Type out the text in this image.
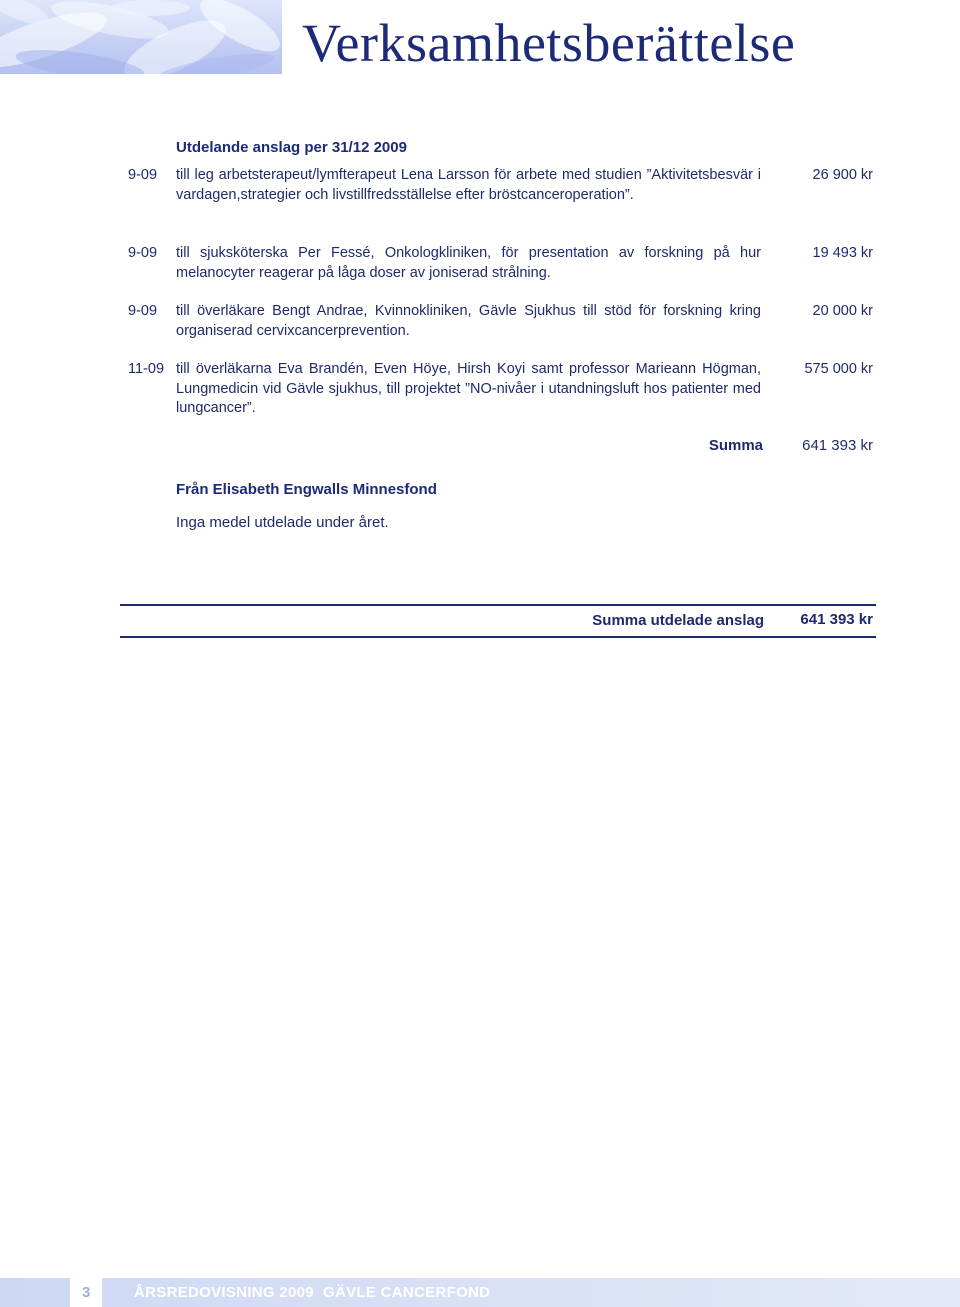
Verksamhetsberättelse
Utdelande anslag per 31/12 2009
9-09 till leg arbetsterapeut/lymfterapeut Lena Larsson för arbete med studien ”Aktivitetsbesvär i vardagen,strategier och livstillfredsställelse efter bröstcanceroperation”.

26 900 kr
9-09 till sjuksköterska Per Fessé, Onkologkliniken, för presentation av forskning på hur melanocyter reagerar på låga doser av joniserad strålning.

19 493 kr
9-09 till överläkare Bengt Andrae, Kvinnokliniken, Gävle Sjukhus till stöd för forskning kring organiserad cervixcancerprevention.

20 000 kr
11-09 till överläkarna Eva Brandén, Even Höye, Hirsh Koyi samt professor Marieann Högman, Lungmedicin vid Gävle sjukhus, till projektet ”NO-nivåer i utandningsluft hos patienter med lungcancer”.

575 000 kr
Summa	641 393 kr
Från Elisabeth Engwalls Minnesfond

Inga medel utdelade under året.

Summa utdelade anslag 641 393 kr
3	ÅRSREDOVISNING 2009 GÄVLE CANCERFOND
